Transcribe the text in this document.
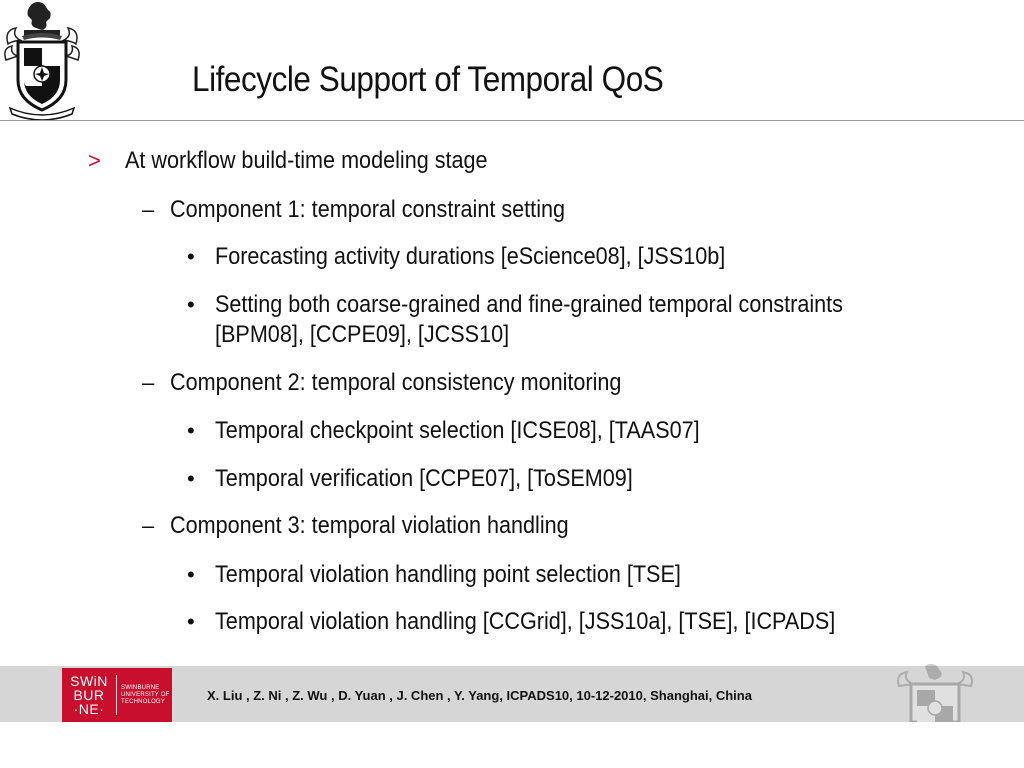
Lifecycle Support of Temporal QoS
> At workflow build-time modeling stage
– Component 1: temporal constraint setting
• Forecasting activity durations [eScience08], [JSS10b]
• Setting both coarse-grained and fine-grained temporal constraints
[BPM08], [CCPE09], [JCSS10]
– Component 2: temporal consistency monitoring
• Temporal checkpoint selection [ICSE08], [TAAS07]
• Temporal verification [CCPE07], [ToSEM09]
– Component 3: temporal violation handling
• Temporal violation handling point selection [TSE]
• Temporal violation handling [CCGrid], [JSS10a], [TSE], [ICPADS]
SWiN
BUR
·NE·
SWINBURNE
UNIVERSITY OF
TECHNOLOGY	X. Liu , Z. Ni , Z. Wu , D. Yuan , J. Chen , Y. Yang, ICPADS10, 10-12-2010, Shanghai, China
